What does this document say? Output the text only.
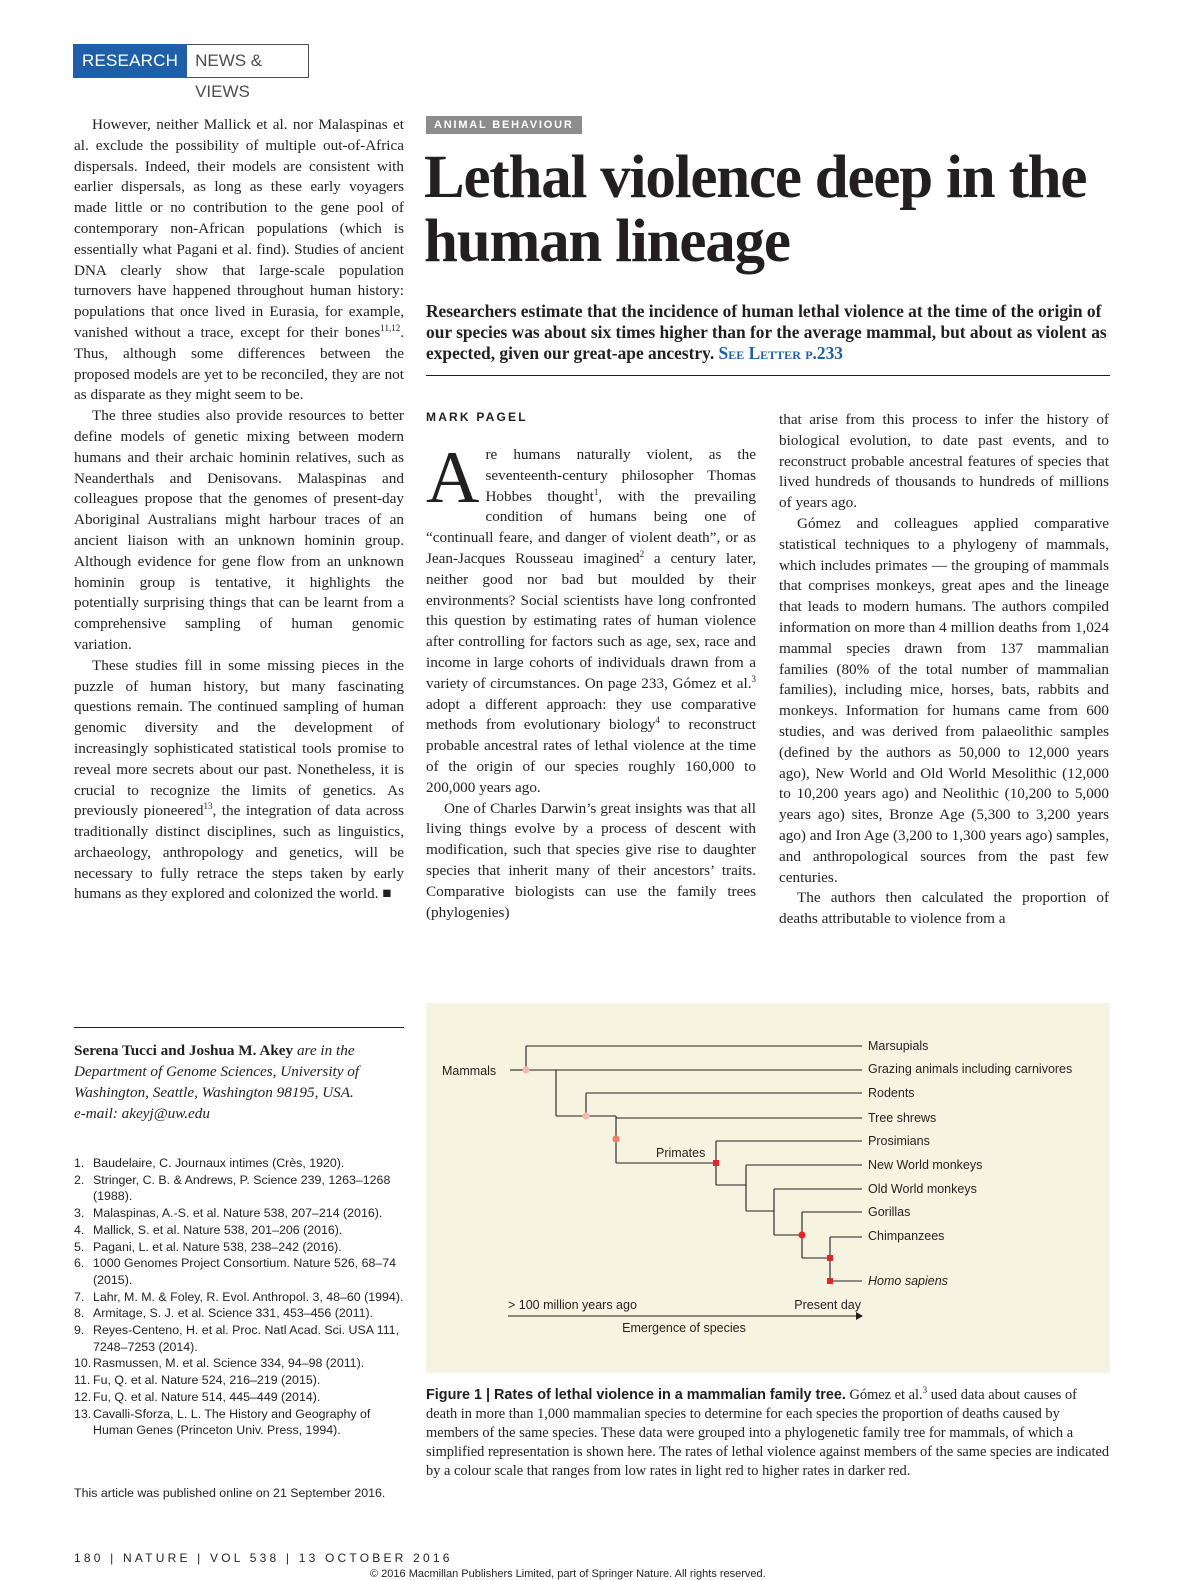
RESEARCH	NEWS & VIEWS

However, neither Mallick et al. nor Malaspinas et al. exclude the possibility of multiple out-of-Africa dispersals. Indeed, their models are consistent with earlier dispersals, as long as these early voyagers made little or no contribution to the gene pool of contemporary non-African populations (which is essentially what Pagani et al. find). Studies of ancient DNA clearly show that large-scale population turnovers have happened throughout human history: populations that once lived in Eurasia, for example, vanished without a trace, except for their bones$^{11,12}$. Thus, although some differences between the proposed models are yet to be reconciled, they are not as disparate as they might seem to be.

The three studies also provide resources to better define models of genetic mixing between modern humans and their archaic hominin relatives, such as Neanderthals and Denisovans. Malaspinas and colleagues propose that the genomes of present-day Aboriginal Australians might harbour traces of an ancient liaison with an unknown hominin group. Although evidence for gene flow from an unknown hominin group is tentative, it highlights the potentially surprising things that can be learnt from a comprehensive sampling of human genomic variation.

These studies fill in some missing pieces in the puzzle of human history, but many fascinating questions remain. The continued sampling of human genomic diversity and the development of increasingly sophisticated statistical tools promise to reveal more secrets about our past. Nonetheless, it is crucial to recognize the limits of genetics. As previously pioneered$^{13}$, the integration of data across traditionally distinct disciplines, such as linguistics, archaeology, anthropology and genetics, will be necessary to fully retrace the steps taken by early humans as they explored and colonized the world. ■

Serena Tucci and Joshua M. Akey are in the Department of Genome Sciences, University of Washington, Seattle, Washington 98195, USA.
e-mail: akeyj@uw.edu
1. Baudelaire, C. Journaux intimes (Crès, 1920).
2. Stringer, C. B. & Andrews, P. Science 239, 1263–1268 (1988).
3. Malaspinas, A.-S. et al. Nature 538, 207–214 (2016).
4. Mallick, S. et al. Nature 538, 201–206 (2016).
5. Pagani, L. et al. Nature 538, 238–242 (2016).
6. 1000 Genomes Project Consortium. Nature 526, 68–74 (2015).
7. Lahr, M. M. & Foley, R. Evol. Anthropol. 3, 48–60 (1994).
8. Armitage, S. J. et al. Science 331, 453–456 (2011).
9. Reyes-Centeno, H. et al. Proc. Natl Acad. Sci. USA 111, 7248–7253 (2014).
10. Rasmussen, M. et al. Science 334, 94–98 (2011).
11. Fu, Q. et al. Nature 524, 216–219 (2015).
12. Fu, Q. et al. Nature 514, 445–449 (2014).
13. Cavalli-Sforza, L. L. The History and Geography of Human Genes (Princeton Univ. Press, 1994).
This article was published online on 21 September 2016.
ANIMAL BEHAVIOUR
Lethal violence deep in the human lineage
Researchers estimate that the incidence of human lethal violence at the time of the origin of our species was about six times higher than for the average mammal, but about as violent as expected, given our great-ape ancestry. See Letter p.233
MARK PAGEL

Are humans naturally violent, as the seventeenth-century philosopher Thomas Hobbes thought$^1$, with the prevailing condition of humans being one of “continuall feare, and danger of violent death”, or as Jean-Jacques Rousseau imagined$^2$ a century later, neither good nor bad but moulded by their environments? Social scientists have long confronted this question by estimating rates of human violence after controlling for factors such as age, sex, race and income in large cohorts of individuals drawn from a variety of circumstances. On page 233, Gómez et al.$^3$ adopt a different approach: they use comparative methods from evolutionary biology$^4$ to reconstruct probable ancestral rates of lethal violence at the time of the origin of our species roughly 160,000 to 200,000 years ago.

One of Charles Darwin’s great insights was that all living things evolve by a process of descent with modification, such that species give rise to daughter species that inherit many of their ancestors’ traits. Comparative biologists can use the family trees (phylogenies)

that arise from this process to infer the history of biological evolution, to date past events, and to reconstruct probable ancestral features of species that lived hundreds of thousands to hundreds of millions of years ago.

Gómez and colleagues applied comparative statistical techniques to a phylogeny of mammals, which includes primates — the grouping of mammals that comprises monkeys, great apes and the lineage that leads to modern humans. The authors compiled information on more than 4 million deaths from 1,024 mammal species drawn from 137 mammalian families (80% of the total number of mammalian families), including mice, horses, bats, rabbits and monkeys. Information for humans came from 600 studies, and was derived from palaeolithic samples (defined by the authors as 50,000 to 12,000 years ago), New World and Old World Mesolithic (12,000 to 10,200 years ago) and Neolithic (10,200 to 5,000 years ago) sites, Bronze Age (5,300 to 3,200 years ago) and Iron Age (3,200 to 1,300 years ago) samples, and anthropological sources from the past few centuries.

The authors then calculated the proportion of deaths attributable to violence from a

Mammals
Primates
Marsupials
Grazing animals including carnivores
Rodents
Tree shrews
Prosimians
New World monkeys
Old World monkeys
Gorillas
Chimpanzees
Homo sapiens
> 100 million years ago	Present day
Emergence of species
Figure 1 | Rates of lethal violence in a mammalian family tree. Gómez et al.$^3$ used data about causes of death in more than 1,000 mammalian species to determine for each species the proportion of deaths caused by members of the same species. These data were grouped into a phylogenetic family tree for mammals, of which a simplified representation is shown here. The rates of lethal violence against members of the same species are indicated by a colour scale that ranges from low rates in light red to higher rates in darker red.
180 | NATURE | VOL 538 | 13 OCTOBER 2016
© 2016 Macmillan Publishers Limited, part of Springer Nature. All rights reserved.
